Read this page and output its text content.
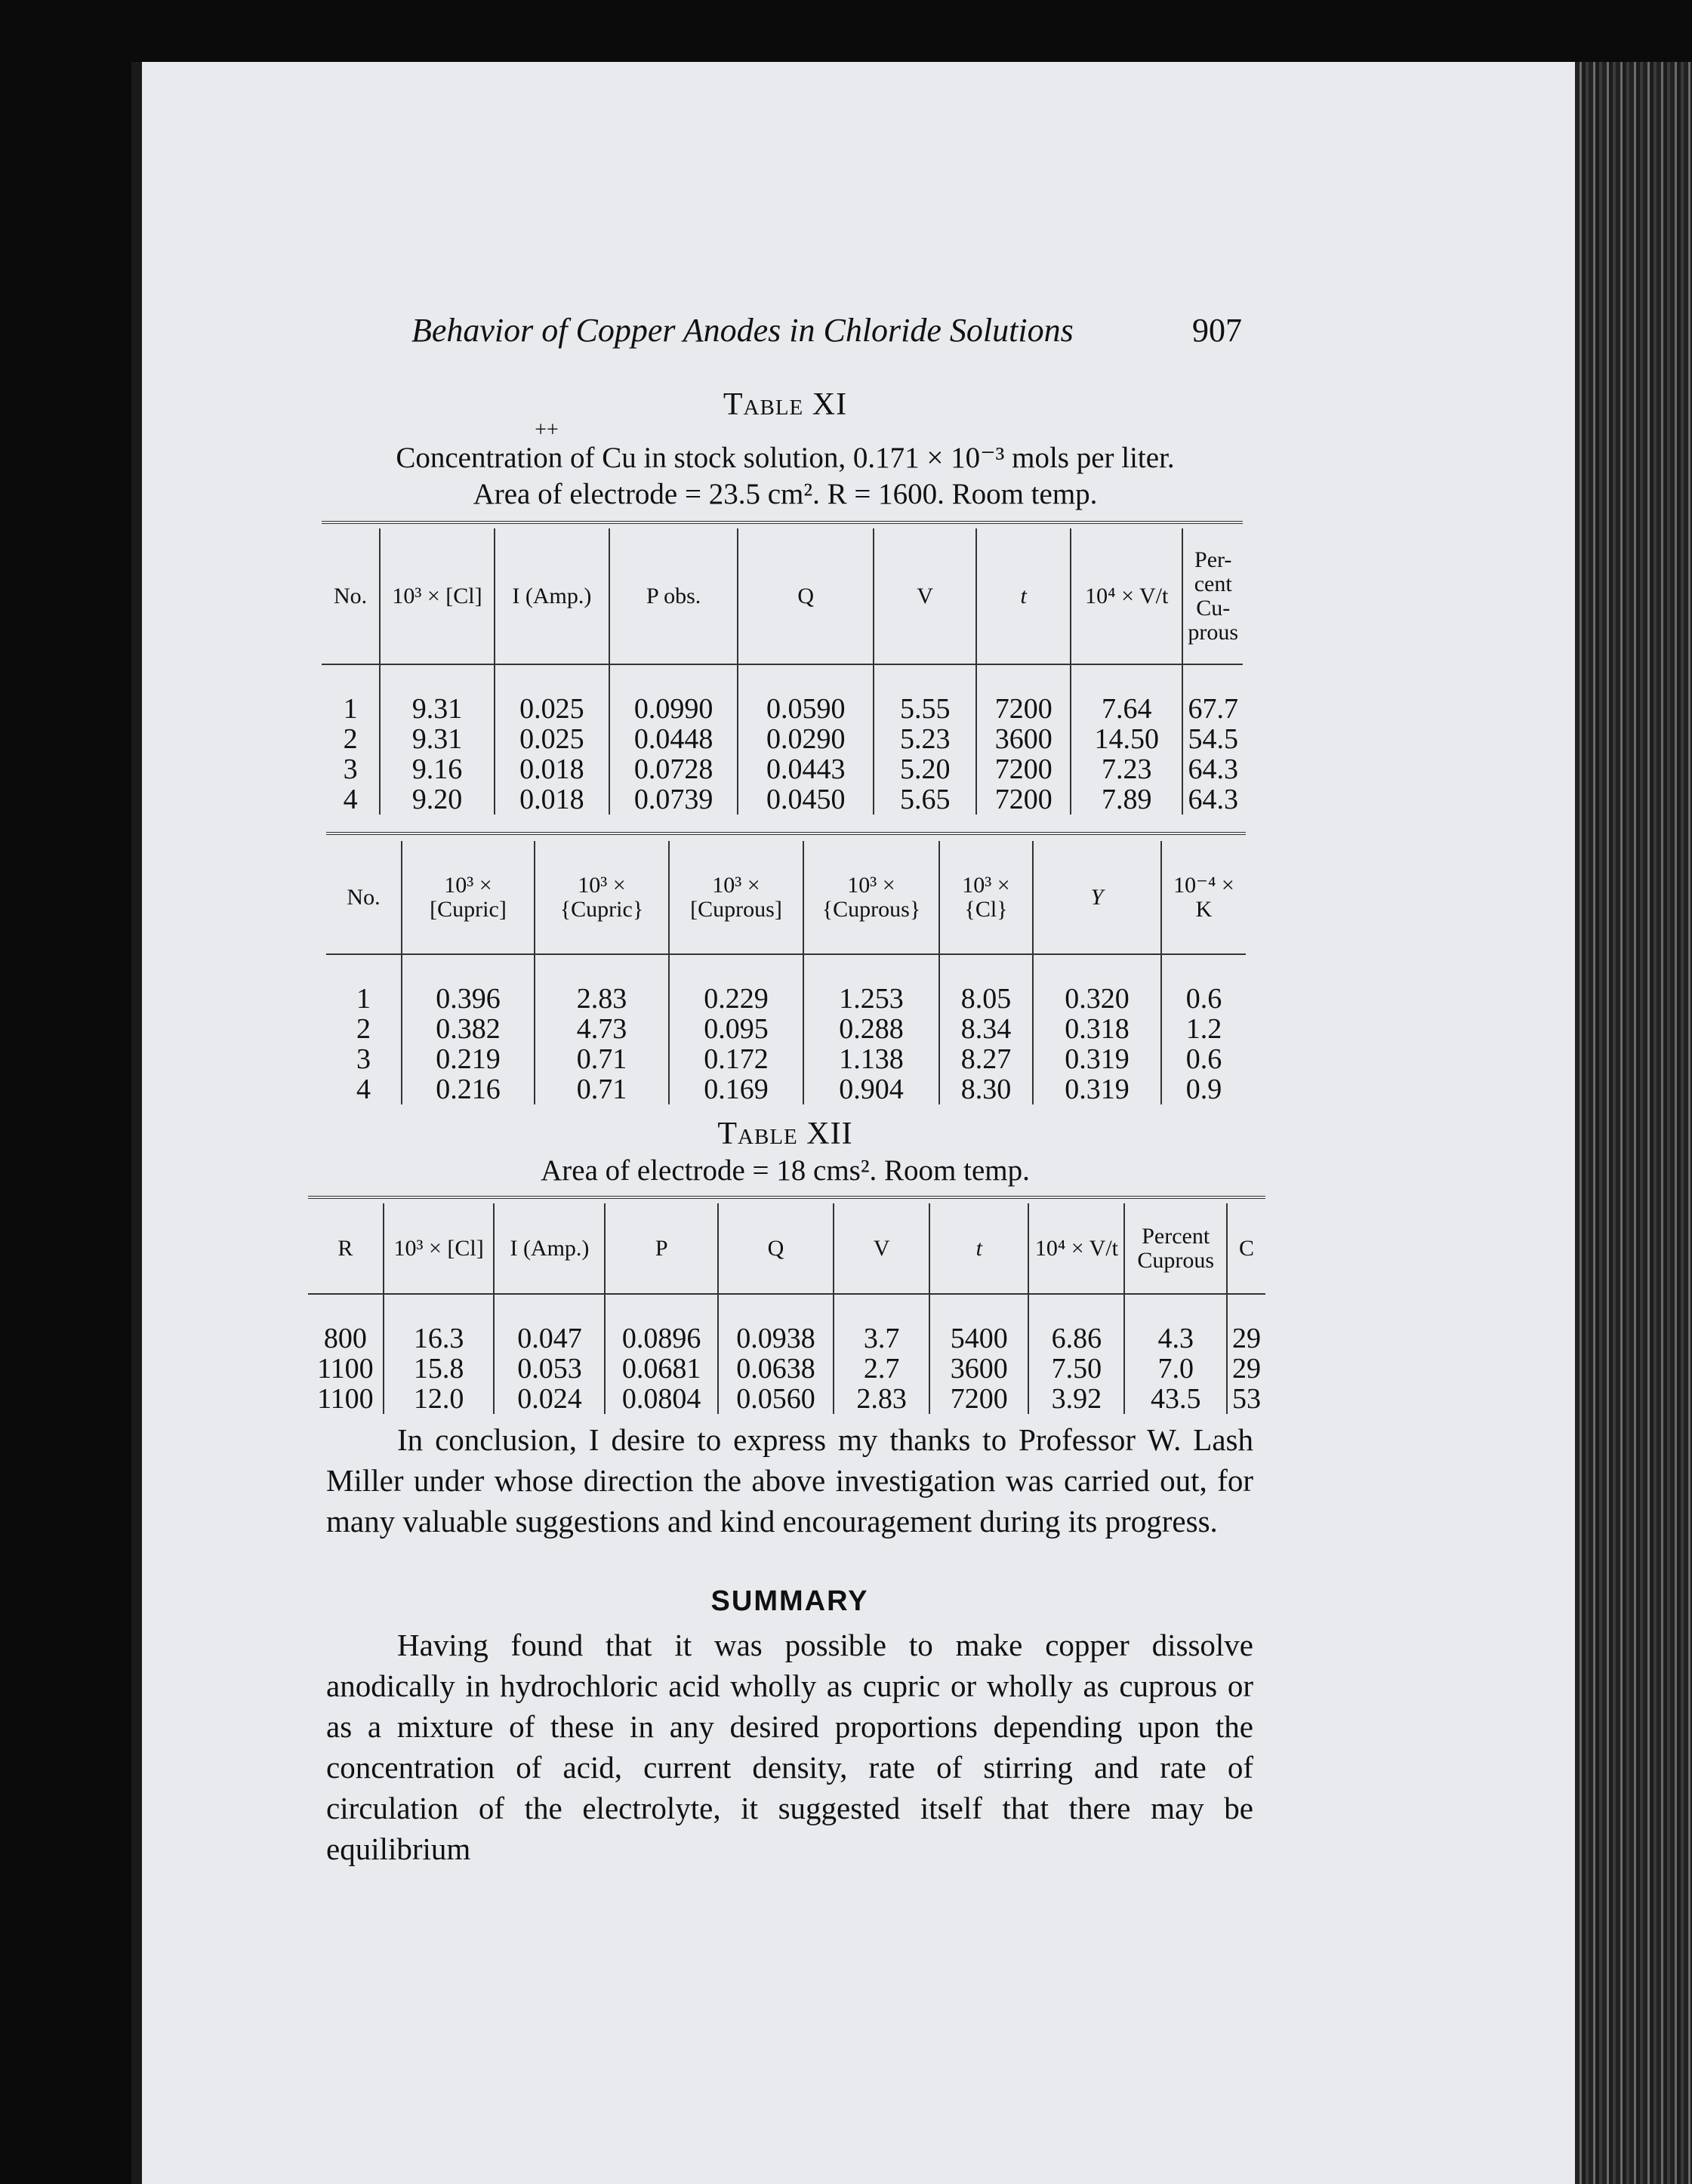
Behavior of Copper Anodes in Chloride Solutions	907
Table XI
++
Concentration of Cu in stock solution, 0.171 × 10⁻³ mols per liter.
Area of electrode = 23.5 cm². R = 1600. Room temp.
No.	10³ × [Cl]	I (Amp.)	P obs.	Q	V	t	10⁴ × V/t	Per- cent Cu- prous

1	9.31	0.025	0.0990	0.0590	5.55	7200	7.64	67.7
2	9.31	0.025	0.0448	0.0290	5.23	3600	14.50	54.5
3	9.16	0.018	0.0728	0.0443	5.20	7200	7.23	64.3
4	9.20	0.018	0.0739	0.0450	5.65	7200	7.89	64.3
No.	10³ × [Cupric]	10³ × {Cupric}	10³ × [Cuprous]	10³ × {Cuprous}	10³ × {Cl}	Y	10⁻⁴ × K

1	0.396	2.83	0.229	1.253	8.05	0.320	0.6
2	0.382	4.73	0.095	0.288	8.34	0.318	1.2
3	0.219	0.71	0.172	1.138	8.27	0.319	0.6
4	0.216	0.71	0.169	0.904	8.30	0.319	0.9
Table XII
Area of electrode = 18 cms². Room temp.
R	10³ × [Cl]	I (Amp.)	P	Q	V	t	10⁴ × V/t	Percent Cuprous	C

800	16.3	0.047	0.0896	0.0938	3.7	5400	6.86	4.3	29
1100	15.8	0.053	0.0681	0.0638	2.7	3600	7.50	7.0	29
1100	12.0	0.024	0.0804	0.0560	2.83	7200	3.92	43.5	53

In conclusion, I desire to express my thanks to Professor W. Lash Miller under whose direction the above investigation was carried out, for many valuable suggestions and kind encouragement during its progress.

SUMMARY

Having found that it was possible to make copper dissolve anodically in hydrochloric acid wholly as cupric or wholly as cuprous or as a mixture of these in any desired proportions depending upon the concentration of acid, current density, rate of stirring and rate of circulation of the electrolyte, it suggested itself that there may be equilibrium
